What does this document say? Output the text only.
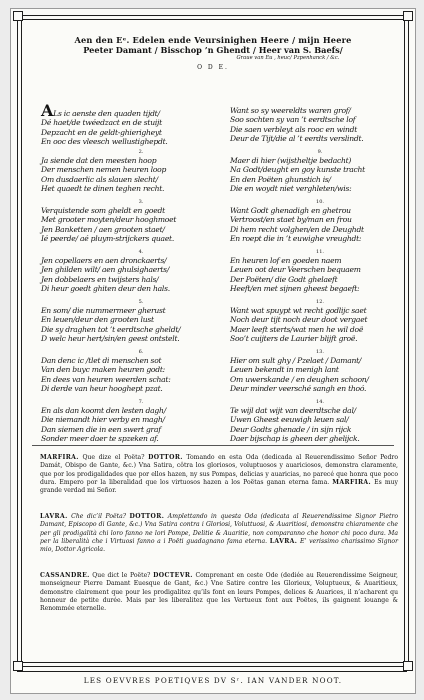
Aen den Eᵉ. Edelen ende Veursinighen Heere / mijn Heere
Peeter Damant / Bisschop ’n Ghendt / Heer van S. Baefs/
Graue van Eu , heuc/ Pzpenhanck / &c.
O D E.
ALs ic aenste den quaden tijdt/
Dé haet/de twéedzact en de stuijt
Depzacht en de geldt-ghierigheyt
En ooc des vleesch wellustighepdt.
2.
Ja siende dat den meesten hoop
Der menschen nemen heuren loop
Om dusdaerlic als slauen slecht/
Het quaedt te dinen teghen recht.
3.
Verquistende som gheldt en goedt
Met grooter moyten/deur hooghmoet
Jen Banketten / aen grooten staet/
Ié peerde/ aé pluym-strijckers quaet.
4.
Jen copellaers en aen dronckaerts/
Jen ghilden wilt/ aen ghulsighaerts/
Jen dobbelaers en twijsters hals/
Di heur goedt ghiten deur den hals.
5.
En som/ die nummermeer gherust
En leuen/deur den grooten lust
Die sy draghen tot ’t eerdtsche gheldt/
D welc heur hert/sin/en geest ontstelt.
6.
Dan denc ic /tlet di menschen sot
Van den buyc maken heuren godt:
En dees van heuren weerden schat:
Di derde van heur hooghept pzat.
7.
En als dan koomt den lesten dagh/
Die niemandt hier verby en magh/
Dan siemen die in een swert graf
Sonder meer daer te spzeken af.
Want so sy weereldts waren grof/
Soo sochten sy van ’t eerdtsche lof
Die saen verbleyt als rooc en windt
Deur de Tijt/die al ’t eerdts verslindt.
9.
Maer di hier (wijstheltje bedacht)
Na Godt/deught en goy kunste tracht
En den Poëten ghunstich is/
Die en woydt niet verghleten/wis:
10.
Want Godt ghenadigh en ghetrou
Vertroost/en staet by/man en frou
Di hem recht volghen/en de Deughdt
En roept die in ’t euwighe vreughdt:
11.
En heuren lof en goeden naem
Leuen oot deur Veerschen bequaem
Der Poëten/ die Godt ghelaeft
Heeft/en met sijnen gheest begaeft:
12.
Want wat spuypt wt recht godlijc saet
Noch deur tijt noch deur doot vergaet
Maer leeft sterts/wat men he wil doë
Soo’t cuijters de Laurier blijft groë.
13.
Hier om sult ghy / Pzelaet / Damant/
Leuen bekendt in menigh lant
Om uwerskande / en deughen schoon/
Deur minder veersché sangh en thoó.
14.
Te wijl dat wijt van deerdtsche dal/
Uwen Gheest eeuwigh leuen sal/
Deur Godts ghenade / in sijn rijck
Daer bijschap is gheen der ghelijck.
MARFIRA. Que dize el Poëta? DOTTOR. Tomando en esta Oda (dedicada al Reuerendissimo Señor Pedro Damát, Obispo de Gante, &c.) Vna Satira, côtra los gloriosos, voluptuosos y auariciosos, demonstra claramente, que por los prodigalidades que por ellos hazen, ny sus Pompas, delicias y auaricias, no parecé que honra que poco dura. Empero por la liberalidad que los virtuosos hazen a los Poëtas ganan eterna fama. MARFIRA. Es muy grande verdad mi Señor.
LAVRA. Che dic’il Poëta? DOTTOR. Amplettando in questa Oda (dedicata al Reuerendissime Signor Pietro Damant, Episcopo di Gante, &c.) Vna Satira contra i Gloriosi, Voluttuosi, & Auaritiosi, demonstra chiaramente che per gli prodigalità chi loro fanno ne lori Pompe, Delitie & Auaritie, non comparanno che honor chi poco dura. Ma per la liberalità che i Virtuosi fanno a i Poëti guadagnano fama eterna. LAVRA. E’ verissimo charissimo Signor mio, Dottor Agricola.
CASSANDRE. Que dict le Poëte? DOCTEVR. Comprenant en ceste Ode (dediée au Reuerendissime Seigneur, monseigneur Pierre Damant Euesque de Gant, &c.) Vne Satire contre les Glorieux, Voluptueux, & Auaritieux, demonstre clairement que pour les prodigalitez qu’ils font en leurs Pompes, delices & Auarices, il n’acharent qu honneur de petite durée. Mais par les liberalitez que les Vertueux font aux Poëtes, ils gaignent louange & Renommée eternelle.
LES OEVVRES POETIQVES DV Sʳ. IAN VANDER NOOT.
